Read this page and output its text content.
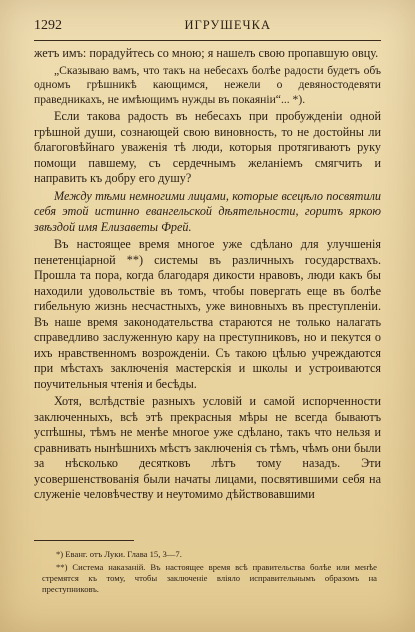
1292	ИГРУШЕЧКА

жетъ имъ: порадуйтесь со мною; я нашелъ свою пропавшую овцу.

„Сказываю вамъ, что такъ на небесахъ болѣе радости будетъ объ одномъ грѣшникѣ кающимся, нежели о девяностодевяти праведникахъ, не имѣющимъ нужды въ покаяніи“... *).

Если такова радость въ небесахъ при пробужденіи одной грѣшной души, сознающей свою виновность, то не достойны ли благоговѣйнаго уваженія тѣ люди, которыя протягиваютъ руку помощи павшему, съ сердечнымъ желаніемъ смягчить и направить къ добру его душу?

Между тѣми немногими лицами, которые всецѣло посвятили себя этой истинно евангельской дѣятельности, горитъ яркою звѣздой имя Елизаветы Фрей.

Въ настоящее время многое уже сдѣлано для улучшенія пенетенціарной **) системы въ различныхъ государствахъ. Прошла та пора, когда благодаря дикости нравовъ, люди какъ бы находили удовольствіе въ томъ, чтобы повергать еще въ болѣе гибельную жизнь несчастныхъ, уже виновныхъ въ преступленіи. Въ наше время законодательства стараются не только налагать справедливо заслуженную кару на преступниковъ, но и пекутся о ихъ нравственномъ возрожденіи. Съ такою цѣлью учреждаются при мѣстахъ заключенія мастерскія и школы и устроиваются поучительныя чтенія и бесѣды.

Хотя, вслѣдствіе разныхъ условій и самой испорченности заключенныхъ, всѣ этѣ прекрасныя мѣры не всегда бываютъ успѣшны, тѣмъ не менѣе многое уже сдѣлано, такъ что нельзя и сравнивать нынѣшнихъ мѣстъ заключенія съ тѣмъ, чѣмъ они были за нѣсколько десятковъ лѣтъ тому назадъ. Эти усовершенствованія были начаты лицами, посвятившими себя на служеніе человѣчеству и неутомимо дѣйствовавшими

*) Еванг. отъ Луки. Глава 15, 3—7.

**) Система наказаній. Въ настоящее время всѣ правительства болѣе или менѣе стремятся къ тому, чтобы заключеніе вліяло исправительнымъ образомъ на преступниковъ.
